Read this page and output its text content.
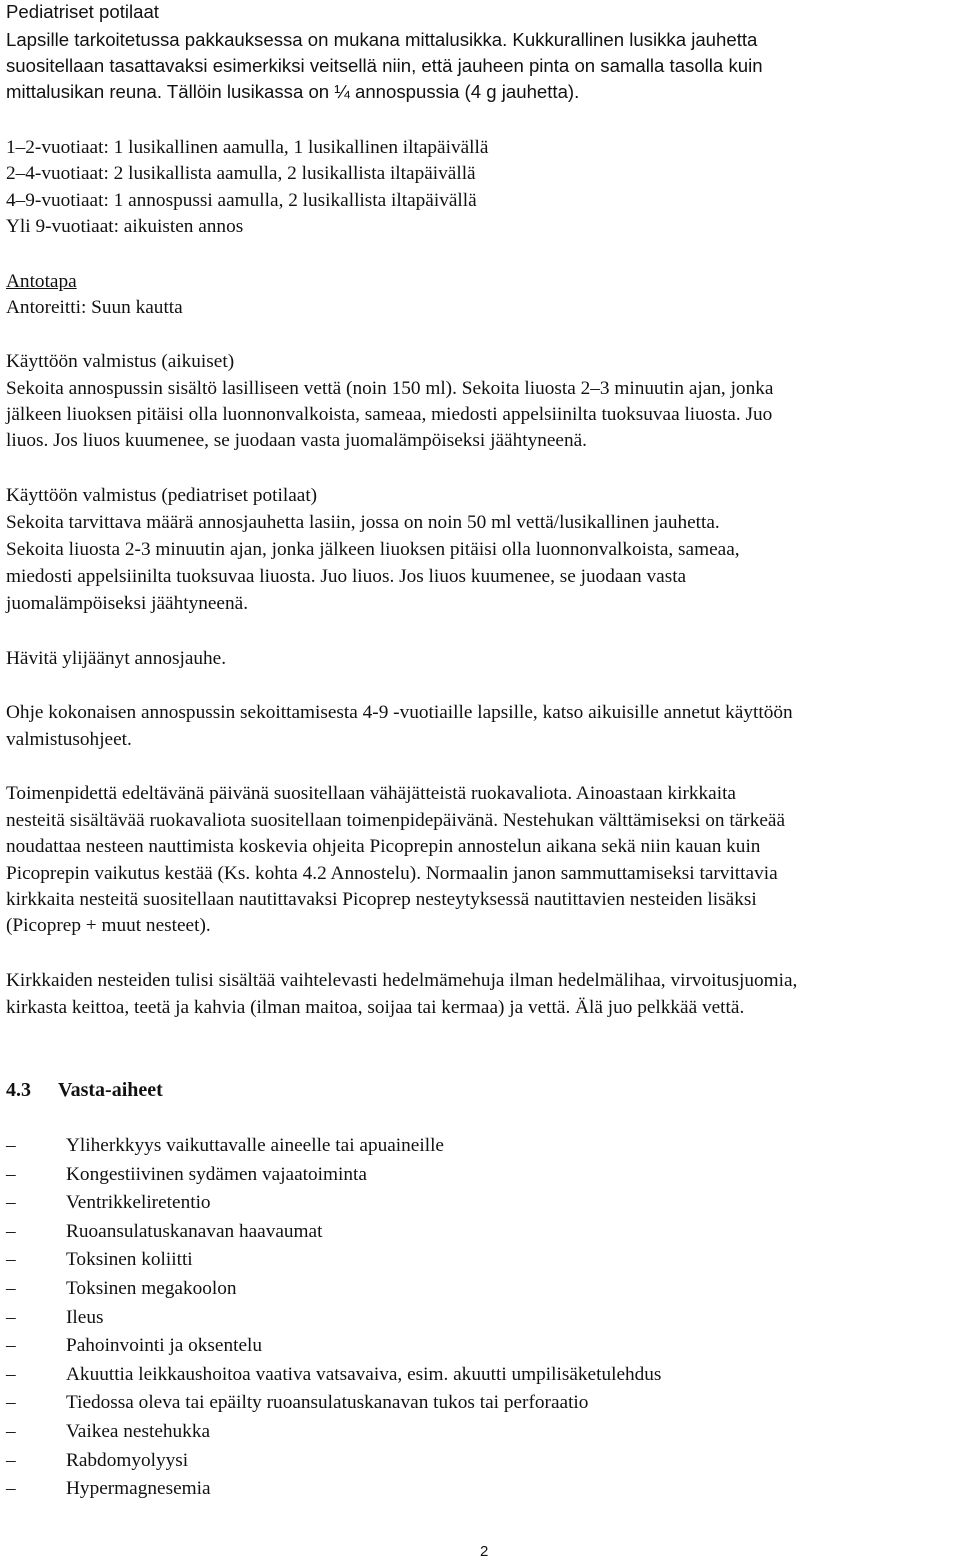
Pediatriset potilaat
Lapsille tarkoitetussa pakkauksessa on mukana mittalusikka. Kukkurallinen lusikka jauhetta
suositellaan tasattavaksi esimerkiksi veitsellä niin, että jauheen pinta on samalla tasolla kuin
mittalusikan reuna. Tällöin lusikassa on ¼ annospussia (4 g jauhetta).
1–2-vuotiaat: 1 lusikallinen aamulla, 1 lusikallinen iltapäivällä
2–4-vuotiaat: 2 lusikallista aamulla, 2 lusikallista iltapäivällä
4–9-vuotiaat: 1 annospussi aamulla, 2 lusikallista iltapäivällä
Yli 9-vuotiaat: aikuisten annos
Antotapa
Antoreitti: Suun kautta
Käyttöön valmistus (aikuiset)
Sekoita annospussin sisältö lasilliseen vettä (noin 150 ml). Sekoita liuosta 2–3 minuutin ajan, jonka
jälkeen liuoksen pitäisi olla luonnonvalkoista, sameaa, miedosti appelsiinilta tuoksuvaa liuosta. Juo
liuos. Jos liuos kuumenee, se juodaan vasta juomalämpöiseksi jäähtyneenä.
Käyttöön valmistus (pediatriset potilaat)
Sekoita tarvittava määrä annosjauhetta lasiin, jossa on noin 50 ml vettä/lusikallinen jauhetta.
Sekoita liuosta 2-3 minuutin ajan, jonka jälkeen liuoksen pitäisi olla luonnonvalkoista, sameaa,
miedosti appelsiinilta tuoksuvaa liuosta. Juo liuos. Jos liuos kuumenee, se juodaan vasta
juomalämpöiseksi jäähtyneenä.
Hävitä ylijäänyt annosjauhe.
Ohje kokonaisen annospussin sekoittamisesta 4-9 -vuotiaille lapsille, katso aikuisille annetut käyttöön
valmistusohjeet.
Toimenpidettä edeltävänä päivänä suositellaan vähäjätteistä ruokavaliota. Ainoastaan kirkkaita
nesteitä sisältävää ruokavaliota suositellaan toimenpidepäivänä. Nestehukan välttämiseksi on tärkeää
noudattaa nesteen nauttimista koskevia ohjeita Picoprepin annostelun aikana sekä niin kauan kuin
Picoprepin vaikutus kestää (Ks. kohta 4.2 Annostelu). Normaalin janon sammuttamiseksi tarvittavia
kirkkaita nesteitä suositellaan nautittavaksi Picoprep nesteytyksessä nautittavien nesteiden lisäksi
(Picoprep + muut nesteet).
Kirkkaiden nesteiden tulisi sisältää vaihtelevasti hedelmämehuja ilman hedelmälihaa, virvoitusjuomia,
kirkasta keittoa, teetä ja kahvia (ilman maitoa, soijaa tai kermaa) ja vettä. Älä juo pelkkää vettä.
4.3 Vasta-aiheet
–	Yliherkkyys vaikuttavalle aineelle tai apuaineille
–	Kongestiivinen sydämen vajaatoiminta
–	Ventrikkeliretentio
–	Ruoansulatuskanavan haavaumat
–	Toksinen koliitti
–	Toksinen megakoolon
–	Ileus
–	Pahoinvointi ja oksentelu
–	Akuuttia leikkaushoitoa vaativa vatsavaiva, esim. akuutti umpilisäketulehdus
–	Tiedossa oleva tai epäilty ruoansulatuskanavan tukos tai perforaatio
–	Vaikea nestehukka
–	Rabdomyolyysi
–	Hypermagnesemia
2
